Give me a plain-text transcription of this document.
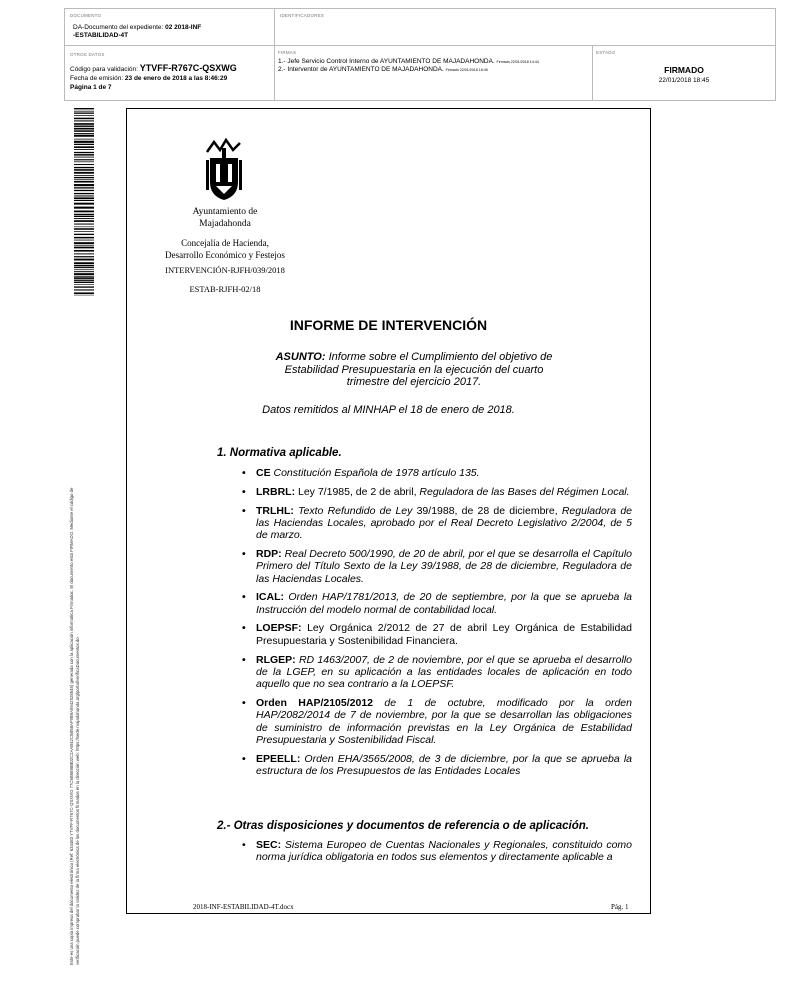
DOCUMENTO
DA-Documento del expediente: 02 2018-INF
-ESTABILIDAD-4T
IDENTIFICADORES
OTROS DATOS
Código para validación: YTVFF-R767C-QSXWG
Fecha de emisión: 23 de enero de 2018 a las 8:46:29
Página 1 de 7
FIRMAS
1.- Jefe Servicio Control Interno de AYUNTAMIENTO DE MAJADAHONDA. Firmado 22/01/2018 14:44
2.- Interventor de AYUNTAMIENTO DE MAJADAHONDA. Firmado 22/01/2018 18:45
ESTADO
FIRMADO
22/01/2018 18:45
Este es una copia impresa del documento electrónico (Ref: 634483 YTVFF-R767C-QSXWG 77C6B5898B02C2AAB42C5B58AF9B9A5942528545) generada con la aplicación informática Firmadoc. El documento está FIRMADO. Mediante el código de verificación puede comprobar la validez de la firma electrónica de los documentos firmados en la dirección web: https://sede.majadahonda.org/portal/verificaDocumentos.do
Ayuntamiento de
Majadahonda
Concejalía de Hacienda,
Desarrollo Económico y Festejos
INTERVENCIÓN-RJFH/039/2018
ESTAB-RJFH-02/18
INFORME DE INTERVENCIÓN
ASUNTO: Informe sobre el Cumplimiento del objetivo de Estabilidad Presupuestaria en la ejecución del cuarto trimestre del ejercicio 2017.
Datos remitidos al MINHAP el 18 de enero de 2018.
1. Normativa aplicable.
• CE Constitución Española de 1978 artículo 135.
• LRBRL: Ley 7/1985, de 2 de abril, Reguladora de las Bases del Régimen Local.
• TRLHL: Texto Refundido de Ley 39/1988, de 28 de diciembre, Reguladora de las Haciendas Locales, aprobado por el Real Decreto Legislativo 2/2004, de 5 de marzo.
• RDP: Real Decreto 500/1990, de 20 de abril, por el que se desarrolla el Capítulo Primero del Título Sexto de la Ley 39/1988, de 28 de diciembre, Reguladora de las Haciendas Locales.
• ICAL: Orden HAP/1781/2013, de 20 de septiembre, por la que se aprueba la Instrucción del modelo normal de contabilidad local.
• LOEPSF: Ley Orgánica 2/2012 de 27 de abril Ley Orgánica de Estabilidad Presupuestaria y Sostenibilidad Financiera.
• RLGEP: RD 1463/2007, de 2 de noviembre, por el que se aprueba el desarrollo de la LGEP, en su aplicación a las entidades locales de aplicación en todo aquello que no sea contrario a la LOEPSF.
• Orden HAP/2105/2012 de 1 de octubre, modificado por la orden HAP/2082/2014 de 7 de noviembre, por la que se desarrollan las obligaciones de suministro de información previstas en la Ley Orgánica de Estabilidad Presupuestaria y Sostenibilidad Fiscal.
• EPEELL: Orden EHA/3565/2008, de 3 de diciembre, por la que se aprueba la estructura de los Presupuestos de las Entidades Locales
2.- Otras disposiciones y documentos de referencia o de aplicación.
• SEC: Sistema Europeo de Cuentas Nacionales y Regionales, constituido como norma jurídica obligatoria en todos sus elementos y directamente aplicable a
2018-INF-ESTABILIDAD-4T.docx	Pág. 1
